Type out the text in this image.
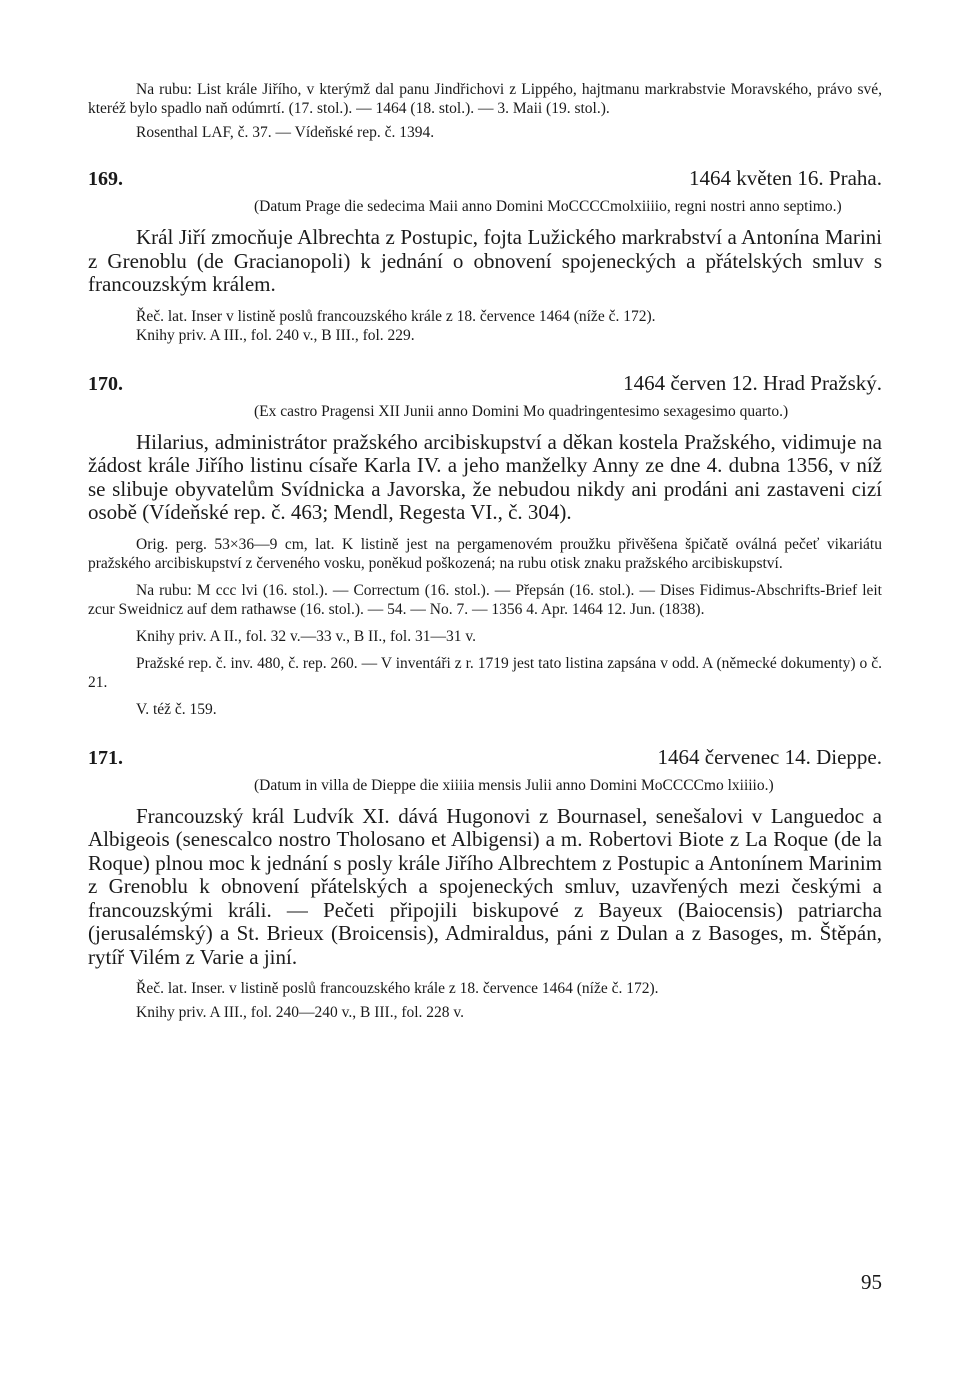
Na rubu: List krále Jiřího, v kterýmž dal panu Jindřichovi z Lippého, hajtmanu markrabstvie Moravského, právo své, kteréž bylo spadlo naň odúmrtí. (17. stol.). — 1464 (18. stol.). — 3. Maii (19. stol.).

Rosenthal LAF, č. 37. — Vídeňské rep. č. 1394.

169.	1464 květen 16. Praha.

(Datum Prage die sedecima Maii anno Domini MoCCCCmolxiiiio, regni nostri anno septimo.)

Král Jiří zmocňuje Albrechta z Postupic, fojta Lužického markrabství a Antonína Marini z Grenoblu (de Gracianopoli) k jednání o obnovení spojeneckých a přátelských smluv s francouzským králem.

Řeč. lat. Inser v listině poslů francouzského krále z 18. července 1464 (níže č. 172).

Knihy priv. A III., fol. 240 v., B III., fol. 229.

170.	1464 červen 12. Hrad Pražský.

(Ex castro Pragensi XII Junii anno Domini Mo quadringentesimo sexagesimo quarto.)

Hilarius, administrátor pražského arcibiskupství a děkan kostela Pražského, vidimuje na žádost krále Jiřího listinu císaře Karla IV. a jeho manželky Anny ze dne 4. dubna 1356, v níž se slibuje obyvatelům Svídnicka a Javorska, že nebudou nikdy ani prodáni ani zastaveni cizí osobě (Vídeňské rep. č. 463; Mendl, Regesta VI., č. 304).

Orig. perg. 53×36—9 cm, lat. K listině jest na pergamenovém proužku přivěšena špičatě oválná pečeť vikariátu pražského arcibiskupství z červeného vosku, poněkud poškozená; na rubu otisk znaku pražského arcibiskupství.

Na rubu: M ccc lvi (16. stol.). — Correctum (16. stol.). — Přepsán (16. stol.). — Dises Fidimus-Abschrifts-Brief leit zcur Sweidnicz auf dem rathawse (16. stol.). — 54. — No. 7. — 1356 4. Apr. 1464 12. Jun. (1838).

Knihy priv. A II., fol. 32 v.—33 v., B II., fol. 31—31 v.

Pražské rep. č. inv. 480, č. rep. 260. — V inventáři z r. 1719 jest tato listina zapsána v odd. A (německé dokumenty) o č. 21.

V. též č. 159.

171.	1464 červenec 14. Dieppe.

(Datum in villa de Dieppe die xiiiia mensis Julii anno Domini MoCCCCmo lxiiiio.)

Francouzský král Ludvík XI. dává Hugonovi z Bournasel, senešalovi v Languedoc a Albigeois (senescalco nostro Tholosano et Albigensi) a m. Robertovi Biote z La Roque (de la Roque) plnou moc k jednání s posly krále Jiřího Albrechtem z Postupic a Antonínem Marinim z Grenoblu k obnovení přátelských a spojeneckých smluv, uzavřených mezi českými a francouzskými králi. — Pečeti připojili biskupové z Bayeux (Baiocensis) patriarcha (jerusalémský) a St. Brieux (Broicensis), Admiraldus, páni z Dulan a z Basoges, m. Štěpán, rytíř Vilém z Varie a jiní.

Řeč. lat. Inser. v listině poslů francouzského krále z 18. července 1464 (níže č. 172).

Knihy priv. A III., fol. 240—240 v., B III., fol. 228 v.

95
